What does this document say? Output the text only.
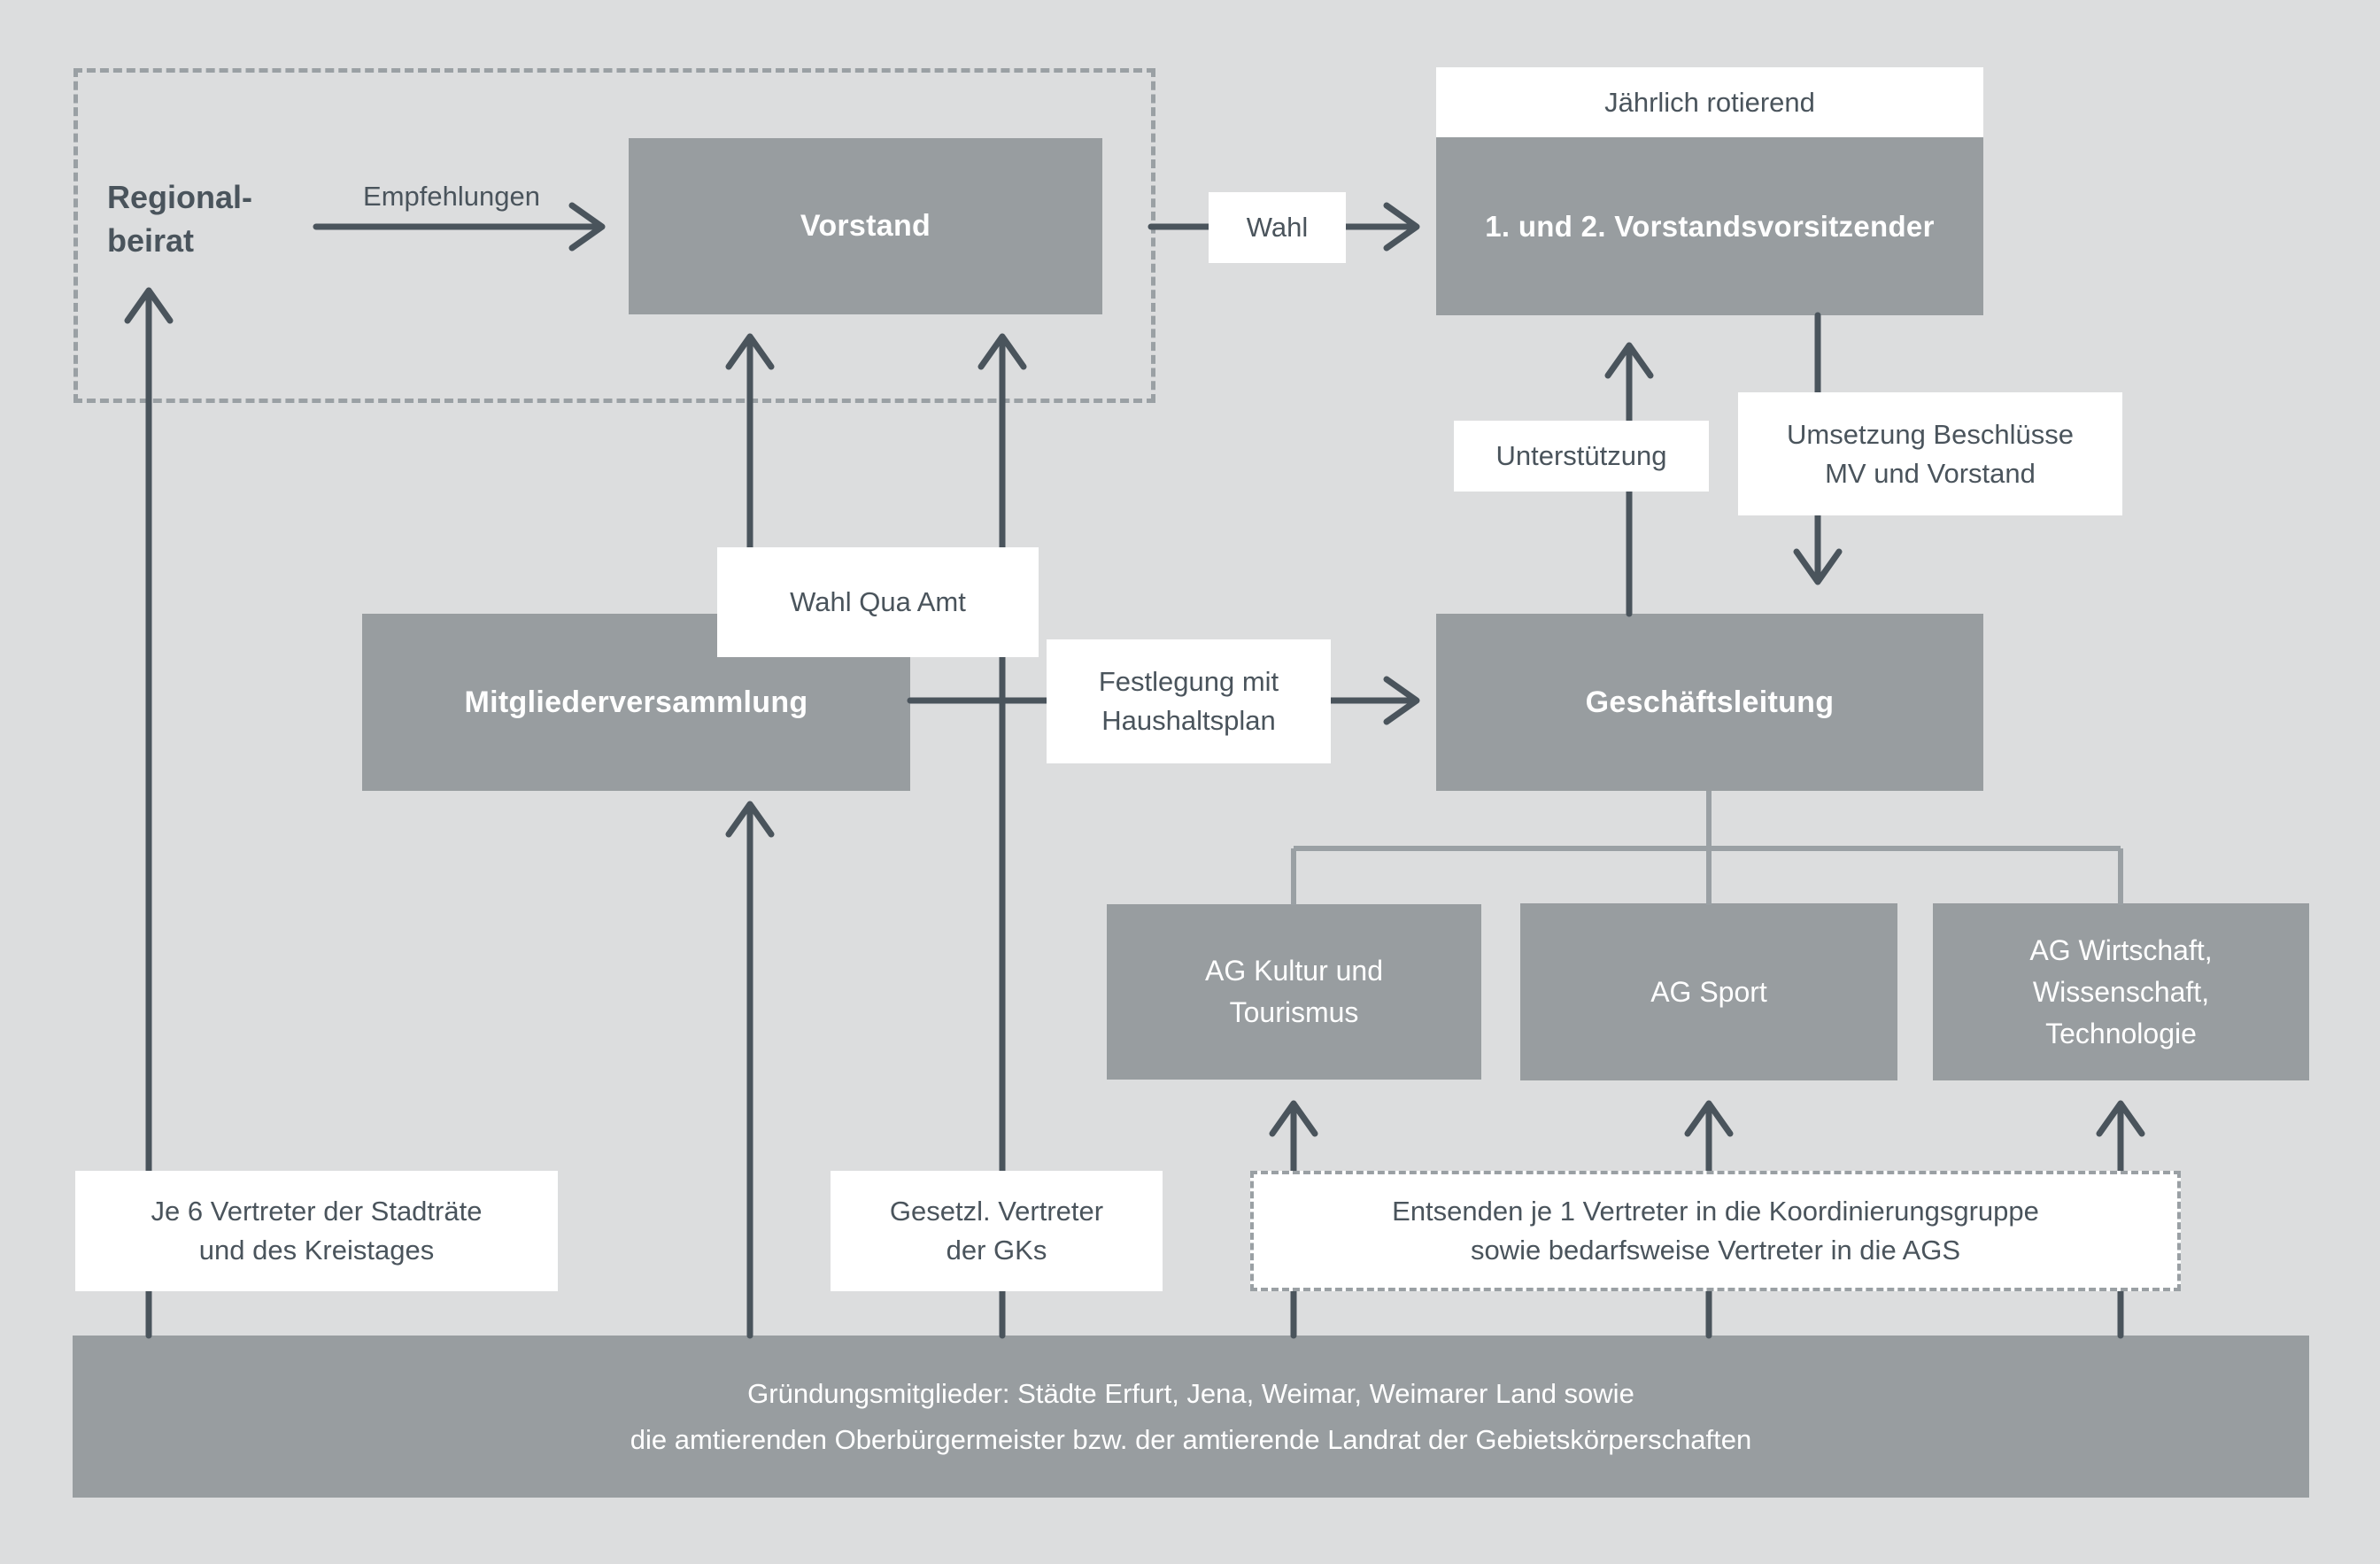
Regional-
beirat
Empfehlungen
Vorstand
Jährlich rotierend
1. und 2. Vorstandsvorsitzender
Mitgliederversammlung	Geschäftsleitung
AG Kultur und
Tourismus
AG Sport
AG Wirtschaft,
Wissenschaft,
Technologie
Gründungsmitglieder: Städte Erfurt, Jena, Weimar, Weimarer Land sowie
die amtierenden Oberbürgermeister bzw. der amtierende Landrat der Gebietskörperschaften
Wahl
Wahl Qua Amt
Unterstützung
Umsetzung Beschlüsse
MV und Vorstand
Festlegung mit
Haushaltsplan
Je 6 Vertreter der Stadträte
und des Kreistages
Gesetzl. Vertreter
der GKs
Entsenden je 1 Vertreter in die Koordinierungsgruppe
sowie bedarfsweise Vertreter in die AGS
